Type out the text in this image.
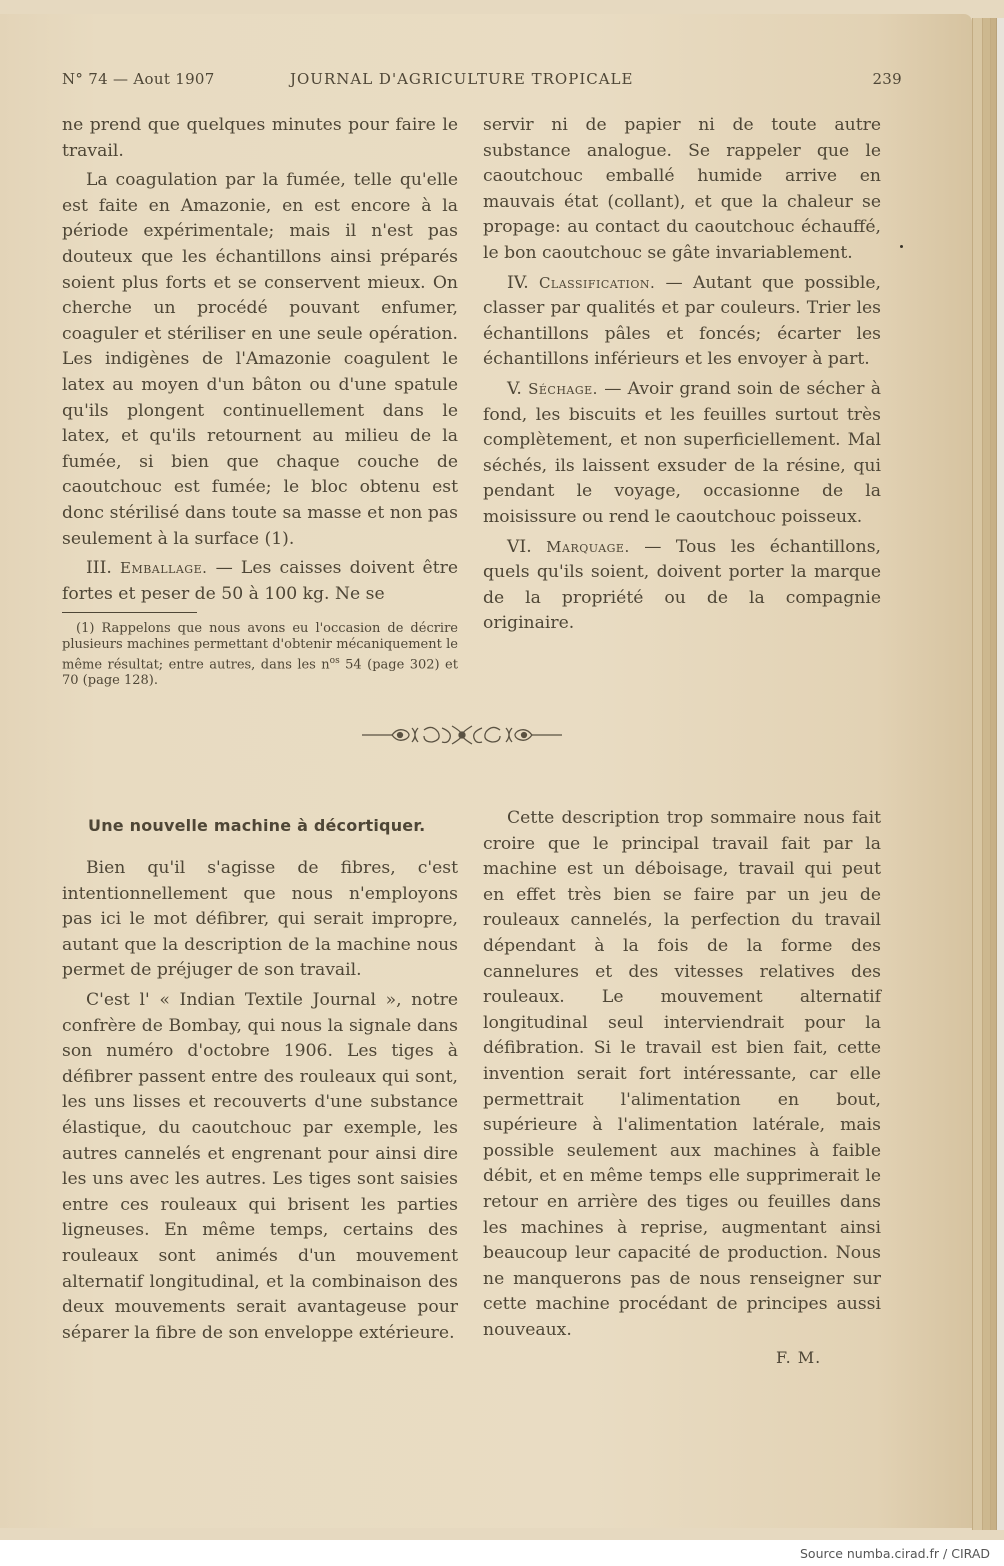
N° 74 — Aout 1907	JOURNAL D'AGRICULTURE TROPICALE	239

ne prend que quelques minutes pour faire le travail.

La coagulation par la fumée, telle qu'elle est faite en Amazonie, en est encore à la période expérimentale; mais il n'est pas douteux que les échantillons ainsi préparés soient plus forts et se conservent mieux. On cherche un procédé pouvant enfumer, coaguler et stériliser en une seule opération. Les indigènes de l'Amazonie coagulent le latex au moyen d'un bâton ou d'une spatule qu'ils plongent continuellement dans le latex, et qu'ils retournent au milieu de la fumée, si bien que chaque couche de caoutchouc est fumée; le bloc obtenu est donc stérilisé dans toute sa masse et non pas seulement à la surface (1).

III. Emballage. — Les caisses doivent être fortes et peser de 50 à 100 kg. Ne se

(1) Rappelons que nous avons eu l'occasion de décrire plusieurs machines permettant d'obtenir mécaniquement le même résultat; entre autres, dans les $n^{os}$ 54 (page 302) et 70 (page 128).

servir ni de papier ni de toute autre substance analogue. Se rappeler que le caoutchouc emballé humide arrive en mauvais état (collant), et que la chaleur se propage: au contact du caoutchouc échauffé, le bon caoutchouc se gâte invariablement.

IV. Classification. — Autant que possible, classer par qualités et par couleurs. Trier les échantillons pâles et foncés; écarter les échantillons inférieurs et les envoyer à part.

V. Séchage. — Avoir grand soin de sécher à fond, les biscuits et les feuilles surtout très complètement, et non superficiellement. Mal séchés, ils laissent exsuder de la résine, qui pendant le voyage, occasionne de la moisissure ou rend le caoutchouc poisseux.

VI. Marquage. — Tous les échantillons, quels qu'ils soient, doivent porter la marque de la propriété ou de la compagnie originaire.

Une nouvelle machine à décortiquer.

Bien qu'il s'agisse de fibres, c'est intentionnellement que nous n'employons pas ici le mot défibrer, qui serait impropre, autant que la description de la machine nous permet de préjuger de son travail.

C'est l' « Indian Textile Journal », notre confrère de Bombay, qui nous la signale dans son numéro d'octobre 1906. Les tiges à défibrer passent entre des rouleaux qui sont, les uns lisses et recouverts d'une substance élastique, du caoutchouc par exemple, les autres cannelés et engrenant pour ainsi dire les uns avec les autres. Les tiges sont saisies entre ces rouleaux qui brisent les parties ligneuses. En même temps, certains des rouleaux sont animés d'un mouvement alternatif longitudinal, et la combinaison des deux mouvements serait avantageuse pour séparer la fibre de son enveloppe extérieure.

Cette description trop sommaire nous fait croire que le principal travail fait par la machine est un déboisage, travail qui peut en effet très bien se faire par un jeu de rouleaux cannelés, la perfection du travail dépendant à la fois de la forme des cannelures et des vitesses relatives des rouleaux. Le mouvement alternatif longitudinal seul interviendrait pour la défibration. Si le travail est bien fait, cette invention serait fort intéressante, car elle permettrait l'alimentation en bout, supérieure à l'alimentation latérale, mais possible seulement aux machines à faible débit, et en même temps elle supprimerait le retour en arrière des tiges ou feuilles dans les machines à reprise, augmentant ainsi beaucoup leur capacité de production. Nous ne manquerons pas de nous renseigner sur cette machine procédant de principes aussi nouveaux.

F. M.
Source numba.cirad.fr / CIRAD
